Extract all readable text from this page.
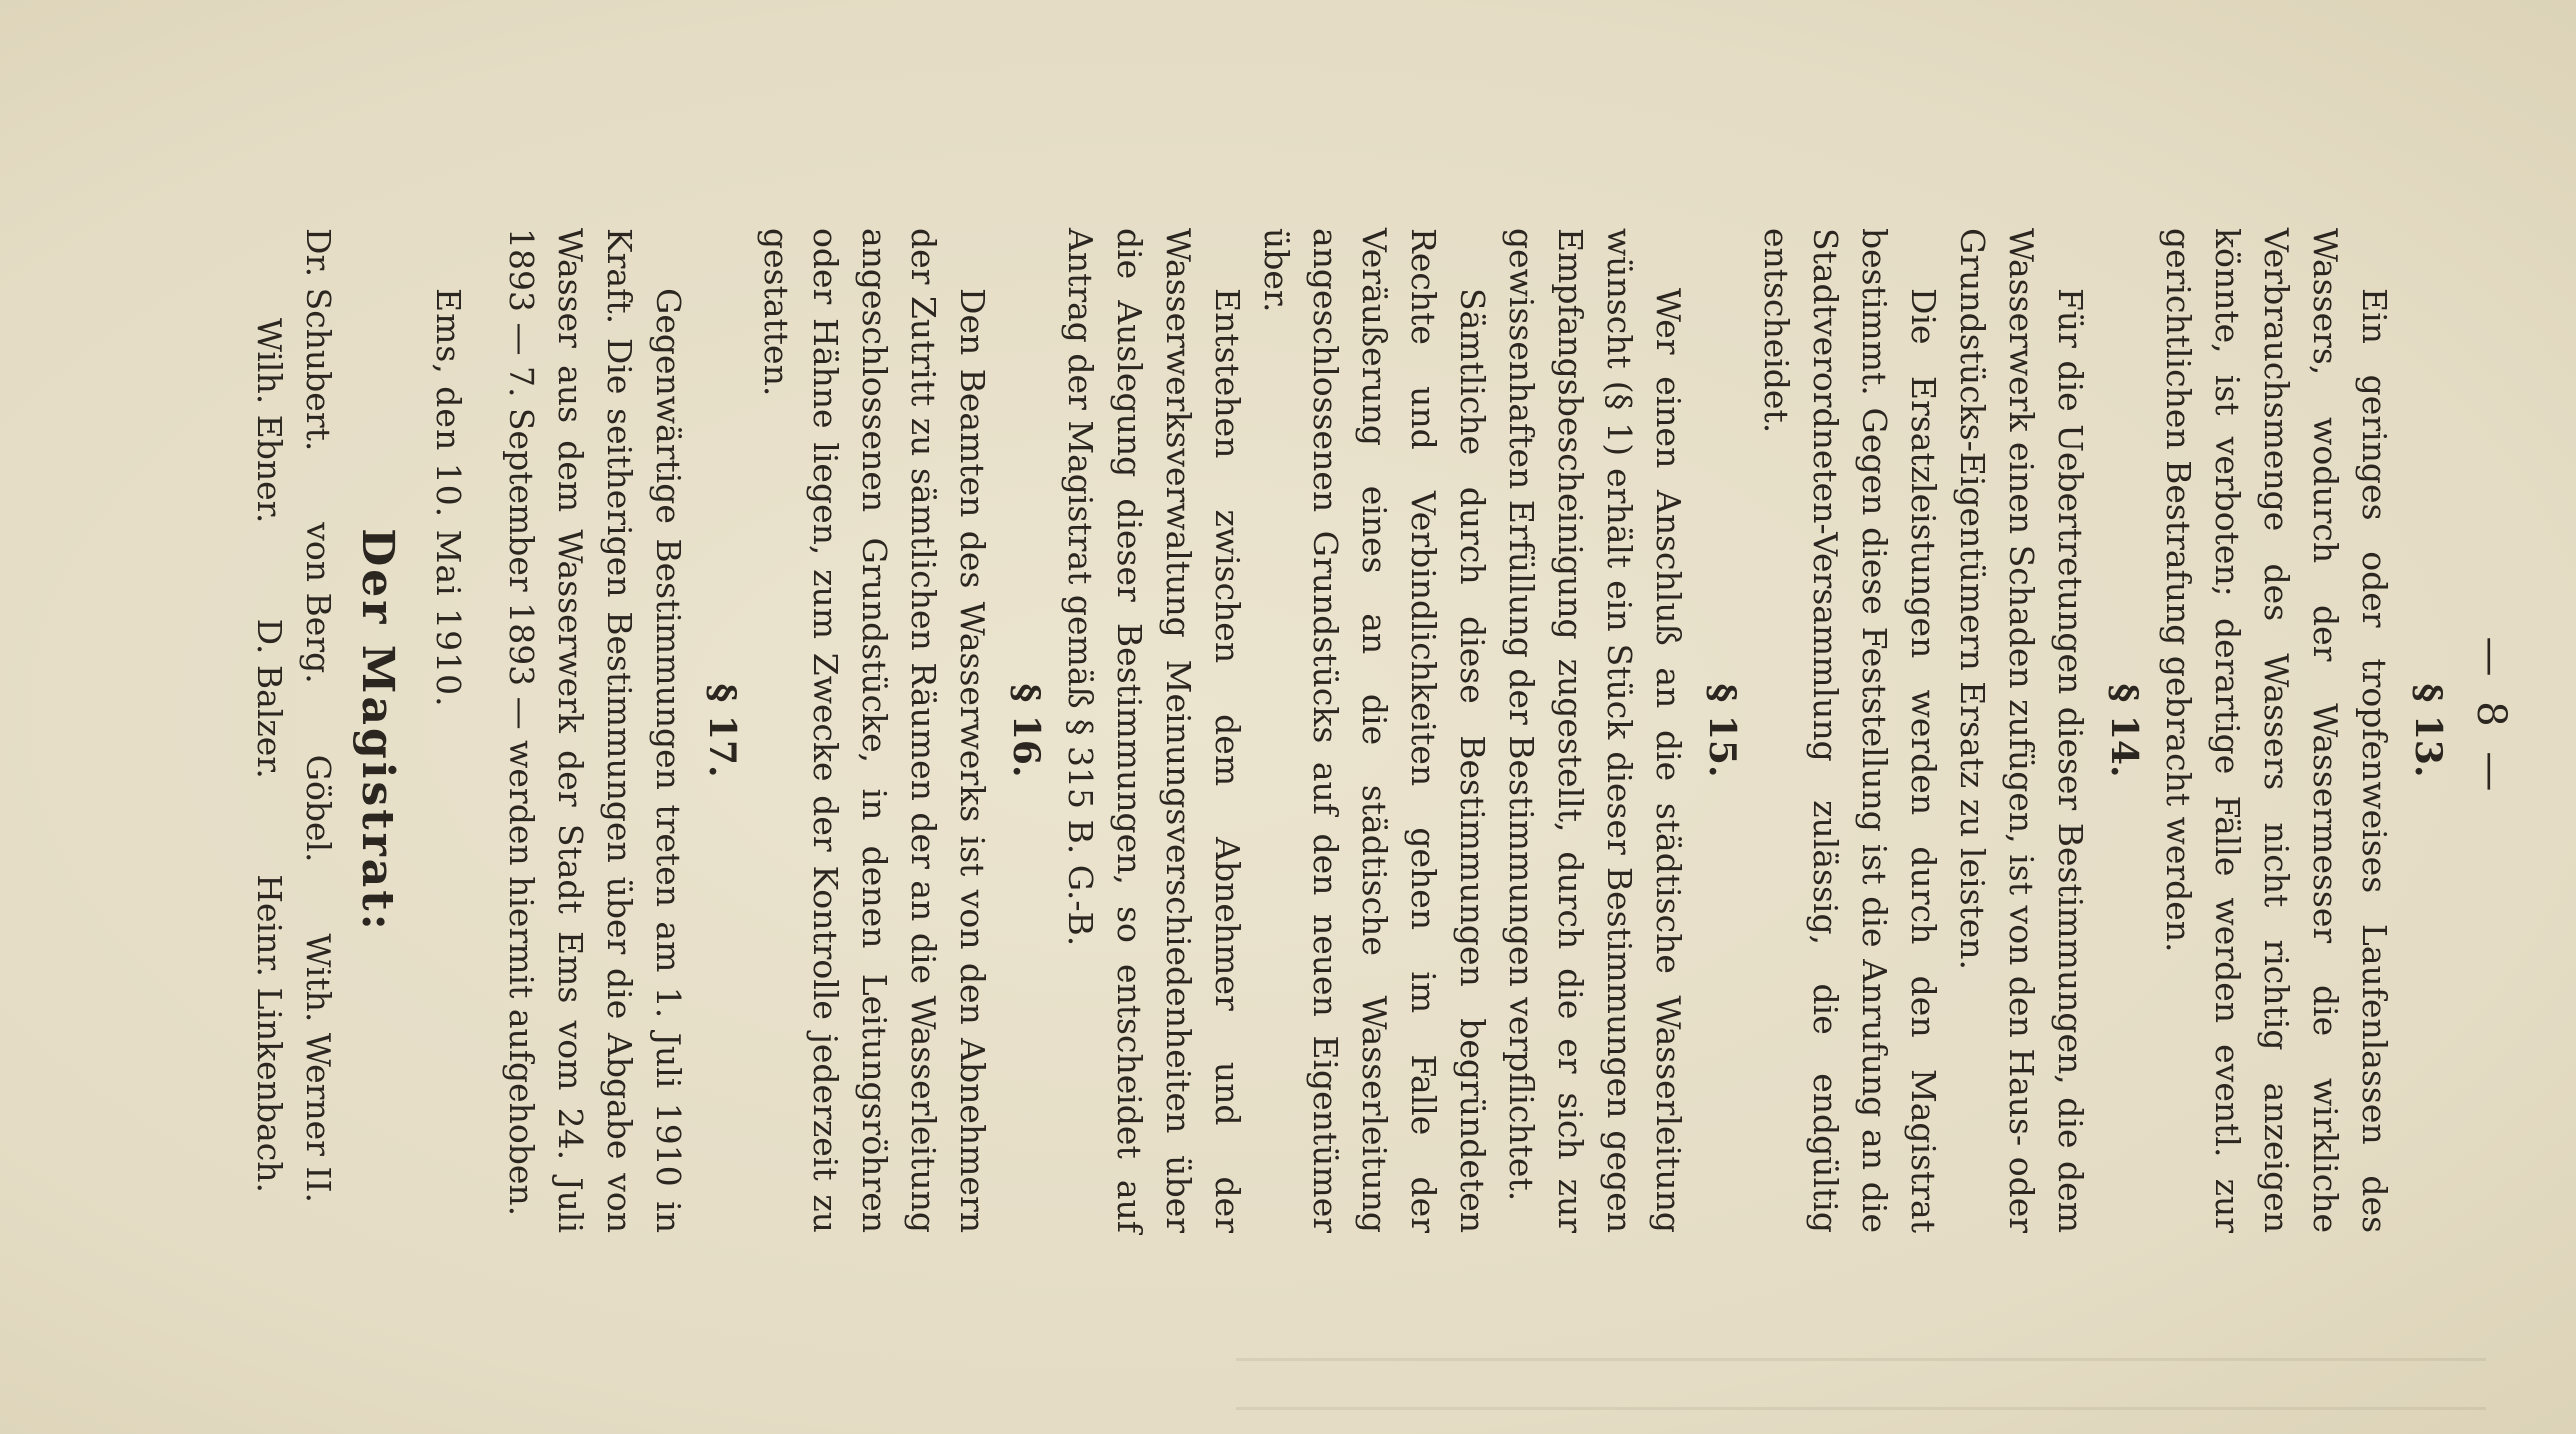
— 8 —
§ 13.

Ein geringes oder tropfenweises Laufenlassen des Wassers, wodurch der Wassermesser die wirkliche Verbrauchsmenge des Wassers nicht richtig anzeigen könnte, ist verboten; derartige Fälle werden eventl. zur gerichtlichen Bestrafung gebracht werden.

§ 14.

Für die Uebertretungen dieser Bestimmungen, die dem Wasserwerk einen Schaden zufügen, ist von den Haus- oder Grundstücks-Eigentümern Ersatz zu leisten.

Die Ersatzleistungen werden durch den Magistrat bestimmt. Gegen diese Feststellung ist die Anrufung an die Stadtverordneten-Versammlung zulässig, die endgültig entscheidet.

§ 15.

Wer einen Anschluß an die städtische Wasserleitung wünscht (§ 1) erhält ein Stück dieser Bestimmungen gegen Empfangsbescheinigung zugestellt, durch die er sich zur gewissenhaften Erfüllung der Bestimmungen verpflichtet.

Sämtliche durch diese Bestimmungen begründeten Rechte und Verbindlichkeiten gehen im Falle der Veräußerung eines an die städtische Wasserleitung angeschlossenen Grundstücks auf den neuen Eigentümer über.

Entstehen zwischen dem Abnehmer und der Wasserwerksverwaltung Meinungsverschiedenheiten über die Auslegung dieser Bestimmungen, so entscheidet auf Antrag der Magistrat gemäß § 315 B. G.-B.

§ 16.

Den Beamten des Wasserwerks ist von den Abnehmern der Zutritt zu sämtlichen Räumen der an die Wasserleitung angeschlossenen Grundstücke, in denen Leitungsröhren oder Hähne liegen, zum Zwecke der Kontrolle jederzeit zu gestatten.

§ 17.

Gegenwärtige Bestimmungen treten am 1. Juli 1910 in Kraft. Die seitherigen Bestimmungen über die Abgabe von Wasser aus dem Wasserwerk der Stadt Ems vom 24. Juli 1893 — 7. September 1893 — werden hiermit aufgehoben.

Ems, den 10. Mai 1910.
Der Magistrat:
Dr. Schubert.
von Berg.
Göbel.
With. Werner II.
Wilh. Ebner.
D. Balzer.
Heinr. Linkenbach.
